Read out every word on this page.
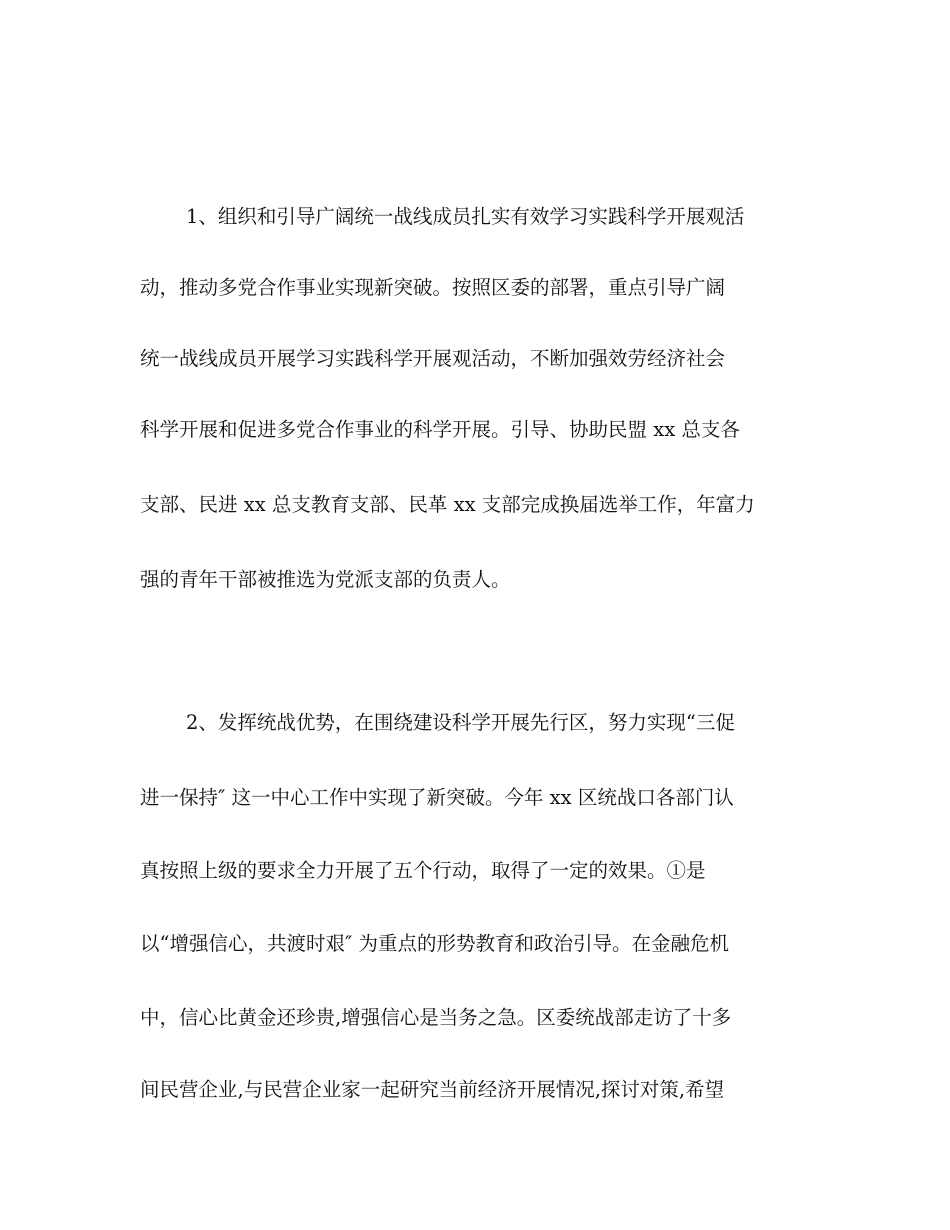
1、组织和引导广阔统一战线成员扎实有效学习实践科学开展观活
动，推动多党合作事业实现新突破。按照区委的部署，重点引导广阔
统一战线成员开展学习实践科学开展观活动，不断加强效劳经济社会
科学开展和促进多党合作事业的科学开展。引导、协助民盟 xx 总支各
支部、民进 xx 总支教育支部、民革 xx 支部完成换届选举工作，年富力
强的青年干部被推选为党派支部的负责人。
2、发挥统战优势，在围绕建设科学开展先行区，努力实现“三促
进一保持″ 这一中心工作中实现了新突破。今年 xx 区统战口各部门认
真按照上级的要求全力开展了五个行动，取得了一定的效果。①是
以“增强信心，共渡时艰″ 为重点的形势教育和政治引导。在金融危机
中，信心比黄金还珍贵,增强信心是当务之急。区委统战部走访了十多
间民营企业,与民营企业家一起研究当前经济开展情况,探讨对策,希望
